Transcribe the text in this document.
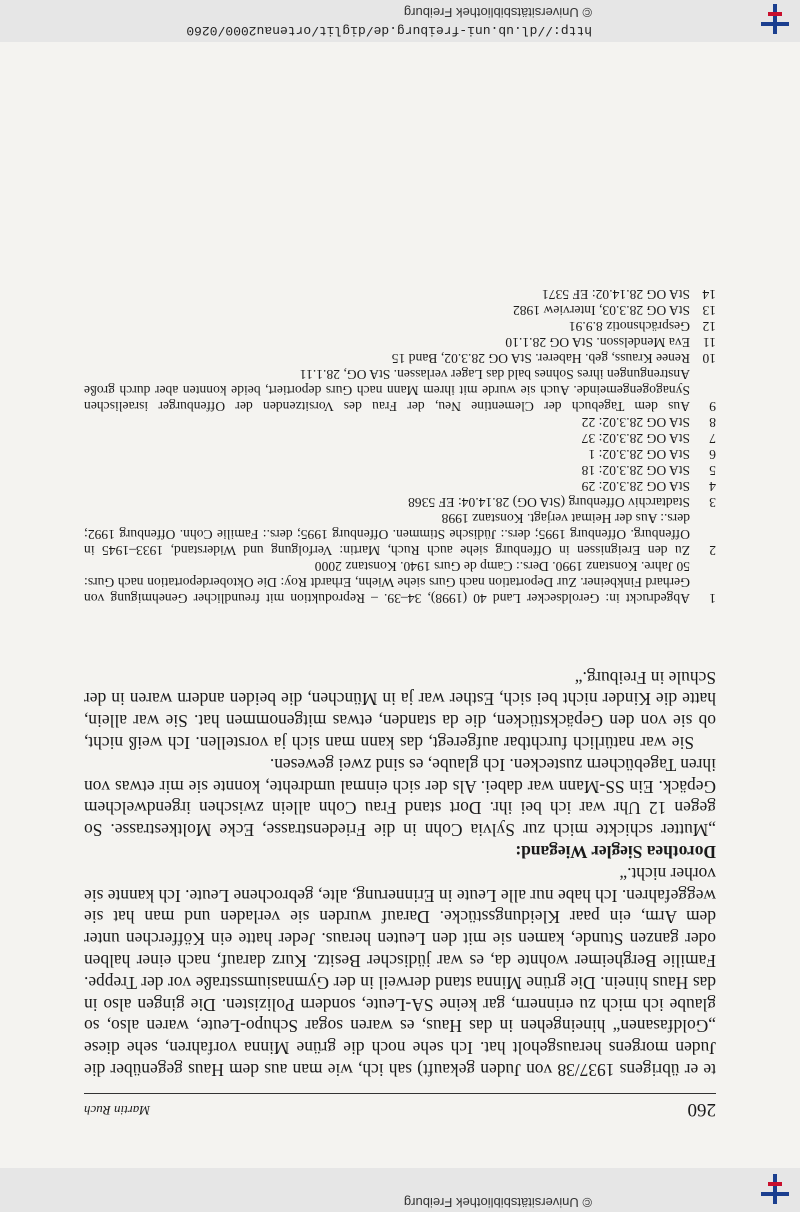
© Universitätsbibliothek Freiburg
260
Martin Ruch

te er übrigens 1937/38 von Juden gekauft) sah ich, wie man aus dem Haus gegenüber die Juden morgens herausgeholt hat. Ich sehe noch die grüne Minna vorfahren, sehe diese „Goldfasanen“ hineingehen in das Haus, es waren sogar Schupo-Leute, waren also, so glaube ich mich zu erinnern, gar keine SA-Leute, sondern Polizisten. Die gingen also in das Haus hinein. Die grüne Minna stand derweil in der Gymnasiumsstraße vor der Treppe. Familie Bergheimer wohnte da, es war jüdischer Besitz. Kurz darauf, nach einer halben oder ganzen Stunde, kamen sie mit den Leuten heraus. Jeder hatte ein Köfferchen unter dem Arm, ein paar Kleidungsstücke. Darauf wurden sie verladen und man hat sie weggefahren. Ich habe nur alle Leute in Erinnerung, alte, gebrochene Leute. Ich kannte sie vorher nicht.“

Dorothea Siegler Wiegand:

„Mutter schickte mich zur Sylvia Cohn in die Friedenstrasse, Ecke Moltkestrasse. So gegen 12 Uhr war ich bei ihr. Dort stand Frau Cohn allein zwischen irgendwelchem Gepäck. Ein SS-Mann war dabei. Als der sich einmal umdrehte, konnte sie mir etwas von ihren Tagebüchern zustecken. Ich glaube, es sind zwei gewesen.

Sie war natürlich furchtbar aufgeregt, das kann man sich ja vorstellen. Ich weiß nicht, ob sie von den Gepäckstücken, die da standen, etwas mitgenommen hat. Sie war allein, hatte die Kinder nicht bei sich, Esther war ja in München, die beiden andern waren in der Schule in Freiburg.“

1
Abgedruckt in: Geroldsecker Land 40 (1998), 34–39. – Reproduktion mit freundlicher Genehmigung von Gerhard Finkbeiner. Zur Deportation nach Gurs siehe Wiehn, Erhardt Roy: Die Oktoberdeportation nach Gurs: 50 Jahre. Konstanz 1990. Ders.: Camp de Gurs 1940. Konstanz 2000
2
Zu den Ereignissen in Offenburg siehe auch Ruch, Martin: Verfolgung und Widerstand, 1933–1945 in Offenburg. Offenburg 1995; ders.: Jüdische Stimmen. Offenburg 1995; ders.: Familie Cohn. Offenburg 1992; ders.: Aus der Heimat verjagt. Konstanz 1998
3
Stadtarchiv Offenburg (StA OG) 28.14.04: EF 5368
4
StA OG 28.3.02: 29
5
StA OG 28.3.02: 18
6
StA OG 28.3.02: 1
7
StA OG 28.3.02: 37
8
StA OG 28.3.02: 22
9
Aus dem Tagebuch der Clementine Neu, der Frau des Vorsitzenden der Offenburger israelischen Synagogengemeinde. Auch sie wurde mit ihrem Mann nach Gurs deportiert, beide konnten aber durch große Anstrengungen ihres Sohnes bald das Lager verlassen. StA OG, 28.1.11
10
Renee Krauss, geb. Haberer. StA OG 28.3.02, Band 15
11
Eva Mendelsson. StA OG 28.1.10
12
Gesprächsnotiz 8.9.91
13
StA OG 28.3.03, Interview 1982
14
StA OG 28.14.02: EF 5371
http://dl.ub.uni-freiburg.de/diglit/ortenau2000/0260
© Universitätsbibliothek Freiburg
